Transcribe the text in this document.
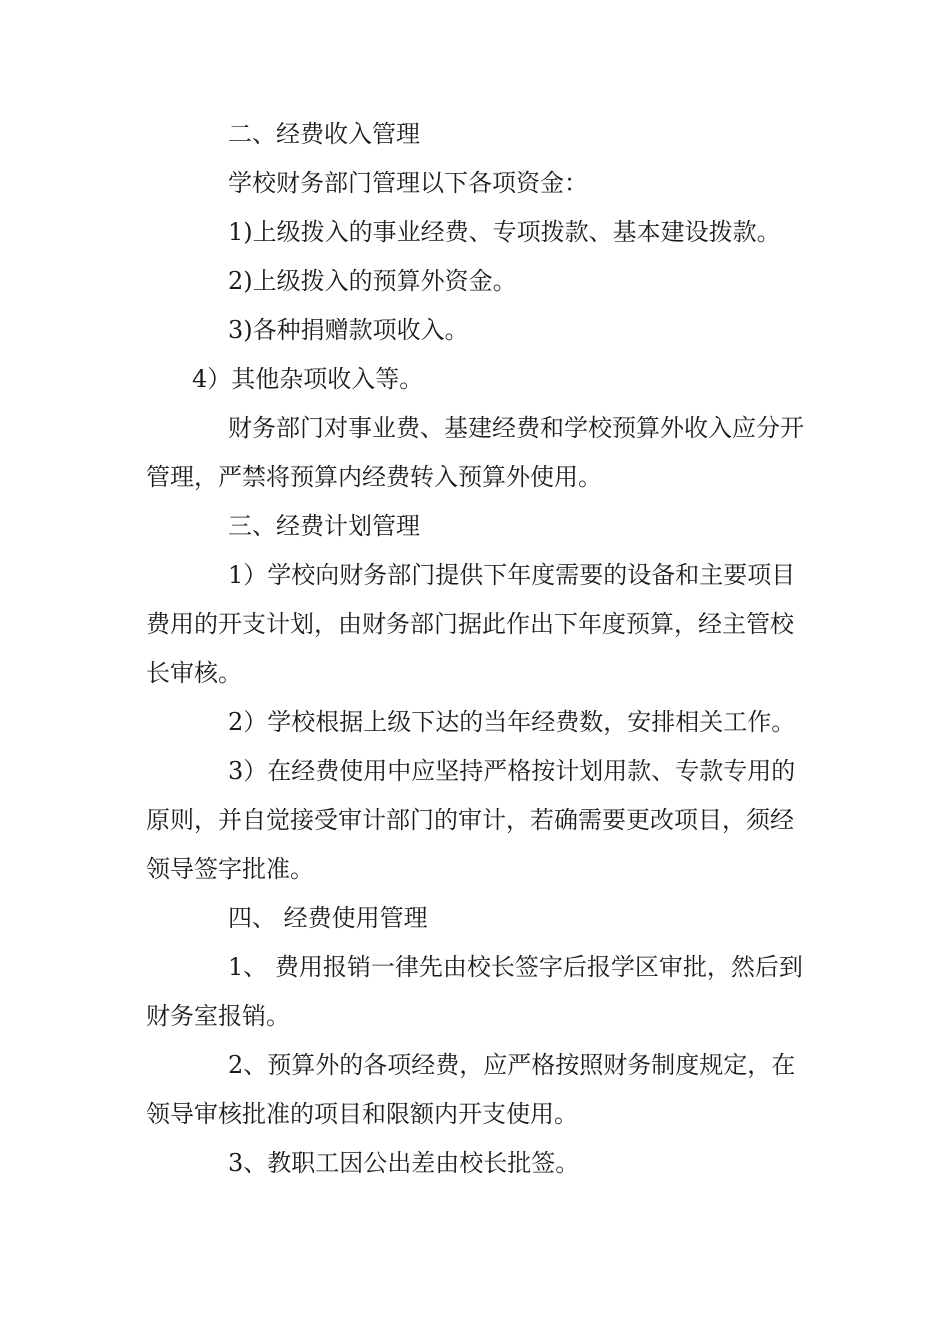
二、经费收入管理

学校财务部门管理以下各项资金：

1)上级拨入的事业经费、专项拨款、基本建设拨款。

2)上级拨入的预算外资金。

3)各种捐赠款项收入。

4）其他杂项收入等。

财务部门对事业费、基建经费和学校预算外收入应分开管理，严禁将预算内经费转入预算外使用。

三、经费计划管理

1）学校向财务部门提供下年度需要的设备和主要项目费用的开支计划，由财务部门据此作出下年度预算，经主管校长审核。

2）学校根据上级下达的当年经费数，安排相关工作。

3）在经费使用中应坚持严格按计划用款、专款专用的原则，并自觉接受审计部门的审计，若确需要更改项目，须经领导签字批准。

四、 经费使用管理

1、 费用报销一律先由校长签字后报学区审批，然后到财务室报销。

2、预算外的各项经费，应严格按照财务制度规定，在领导审核批准的项目和限额内开支使用。

3、教职工因公出差由校长批签。
